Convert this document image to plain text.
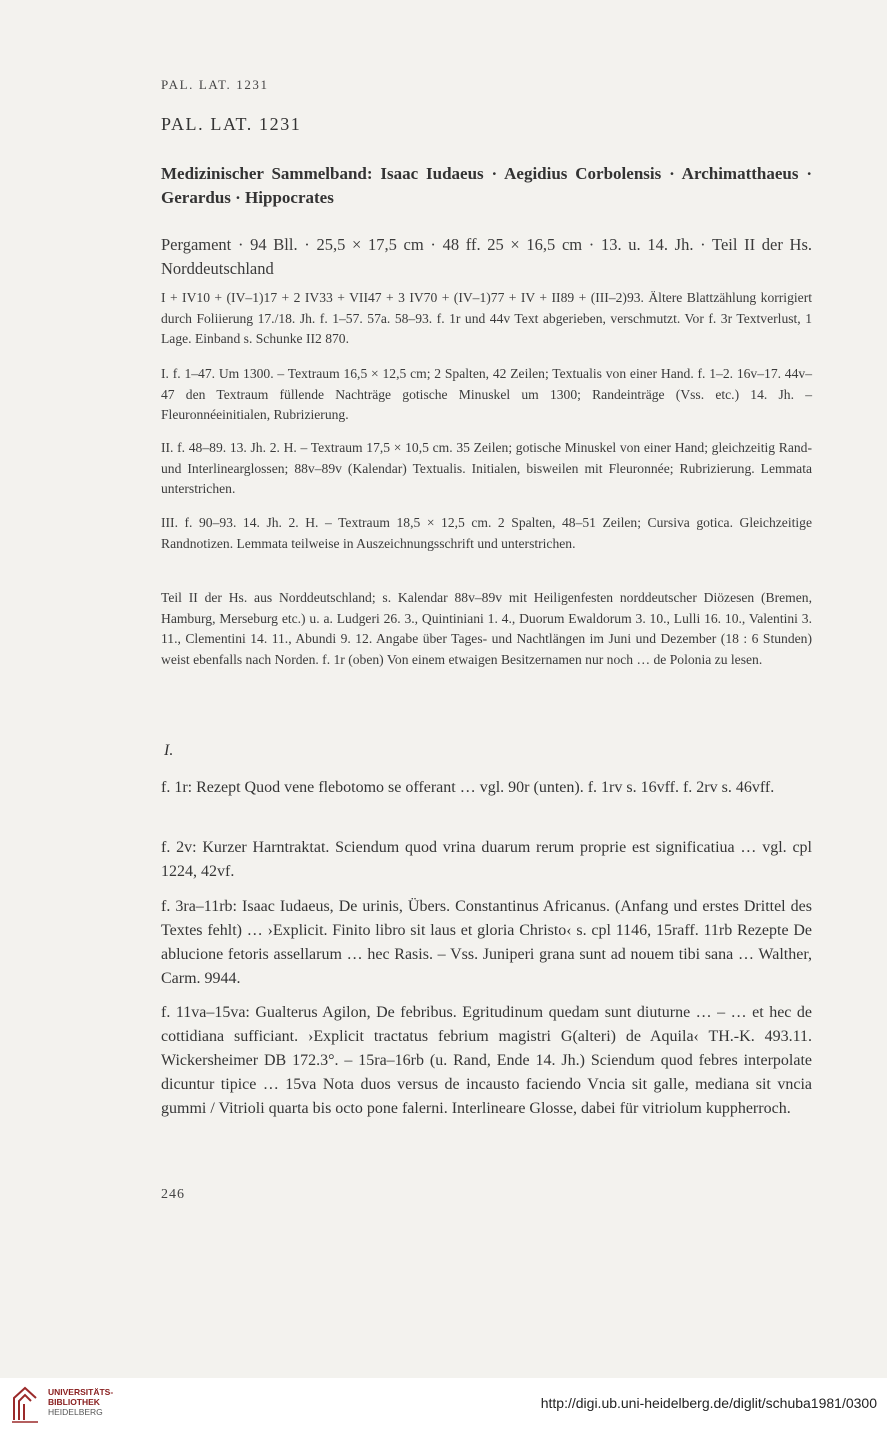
PAL. LAT. 1231
PAL. LAT. 1231
Medizinischer Sammelband: Isaac Iudaeus · Aegidius Corbolensis · Archimatthaeus · Gerardus · Hippocrates
Pergament · 94 Bll. · 25,5 × 17,5 cm · 48 ff. 25 × 16,5 cm · 13. u. 14. Jh. · Teil II der Hs. Norddeutschland
I + IV10 + (IV–1)17 + 2 IV33 + VII47 + 3 IV70 + (IV–1)77 + IV + II89 + (III–2)93. Ältere Blattzählung korrigiert durch Foliierung 17./18. Jh. f. 1–57. 57a. 58–93. f. 1r und 44v Text abgerieben, verschmutzt. Vor f. 3r Textverlust, 1 Lage. Einband s. Schunke II2 870.
I. f. 1–47. Um 1300. – Textraum 16,5 × 12,5 cm; 2 Spalten, 42 Zeilen; Textualis von einer Hand. f. 1–2. 16v–17. 44v–47 den Textraum füllende Nachträge gotische Minuskel um 1300; Randeinträge (Vss. etc.) 14. Jh. – Fleuronnéeinitialen, Rubrizierung.
II. f. 48–89. 13. Jh. 2. H. – Textraum 17,5 × 10,5 cm. 35 Zeilen; gotische Minuskel von einer Hand; gleichzeitig Rand- und Interlinearglossen; 88v–89v (Kalendar) Textualis. Initialen, bisweilen mit Fleuronnée; Rubrizierung. Lemmata unterstrichen.
III. f. 90–93. 14. Jh. 2. H. – Textraum 18,5 × 12,5 cm. 2 Spalten, 48–51 Zeilen; Cursiva gotica. Gleichzeitige Randnotizen. Lemmata teilweise in Auszeichnungsschrift und unterstrichen.
Teil II der Hs. aus Norddeutschland; s. Kalendar 88v–89v mit Heiligenfesten norddeutscher Diözesen (Bremen, Hamburg, Merseburg etc.) u. a. Ludgeri 26. 3., Quintiniani 1. 4., Duorum Ewaldorum 3. 10., Lulli 16. 10., Valentini 3. 11., Clementini 14. 11., Abundi 9. 12. Angabe über Tages- und Nachtlängen im Juni und Dezember (18 : 6 Stunden) weist ebenfalls nach Norden. f. 1r (oben) Von einem etwaigen Besitzernamen nur noch … de Polonia zu lesen.
I.
f. 1r: Rezept Quod vene flebotomo se offerant … vgl. 90r (unten). f. 1rv s. 16vff. f. 2rv s. 46vff.
f. 2v: Kurzer Harntraktat. Sciendum quod vrina duarum rerum proprie est significatiua … vgl. cpl 1224, 42vf.
f. 3ra–11rb: Isaac Iudaeus, De urinis, Übers. Constantinus Africanus. (Anfang und erstes Drittel des Textes fehlt) … ›Explicit. Finito libro sit laus et gloria Christo‹ s. cpl 1146, 15raff. 11rb Rezepte De ablucione fetoris assellarum … hec Rasis. – Vss. Juniperi grana sunt ad nouem tibi sana … Walther, Carm. 9944.
f. 11va–15va: Gualterus Agilon, De febribus. Egritudinum quedam sunt diuturne … – … et hec de cottidiana sufficiant. ›Explicit tractatus febrium magistri G(alteri) de Aquila‹ TH.-K. 493.11. Wickersheimer DB 172.3°. – 15ra–16rb (u. Rand, Ende 14. Jh.) Sciendum quod febres interpolate dicuntur tipice … 15va Nota duos versus de incausto faciendo Vncia sit galle, mediana sit vncia gummi / Vitrioli quarta bis octo pone falerni. Interlineare Glosse, dabei für vitriolum kuppherroch.
246
UNIVERSITÄTS-
BIBLIOTHEK
HEIDELBERG
http://digi.ub.uni-heidelberg.de/diglit/schuba1981/0300
